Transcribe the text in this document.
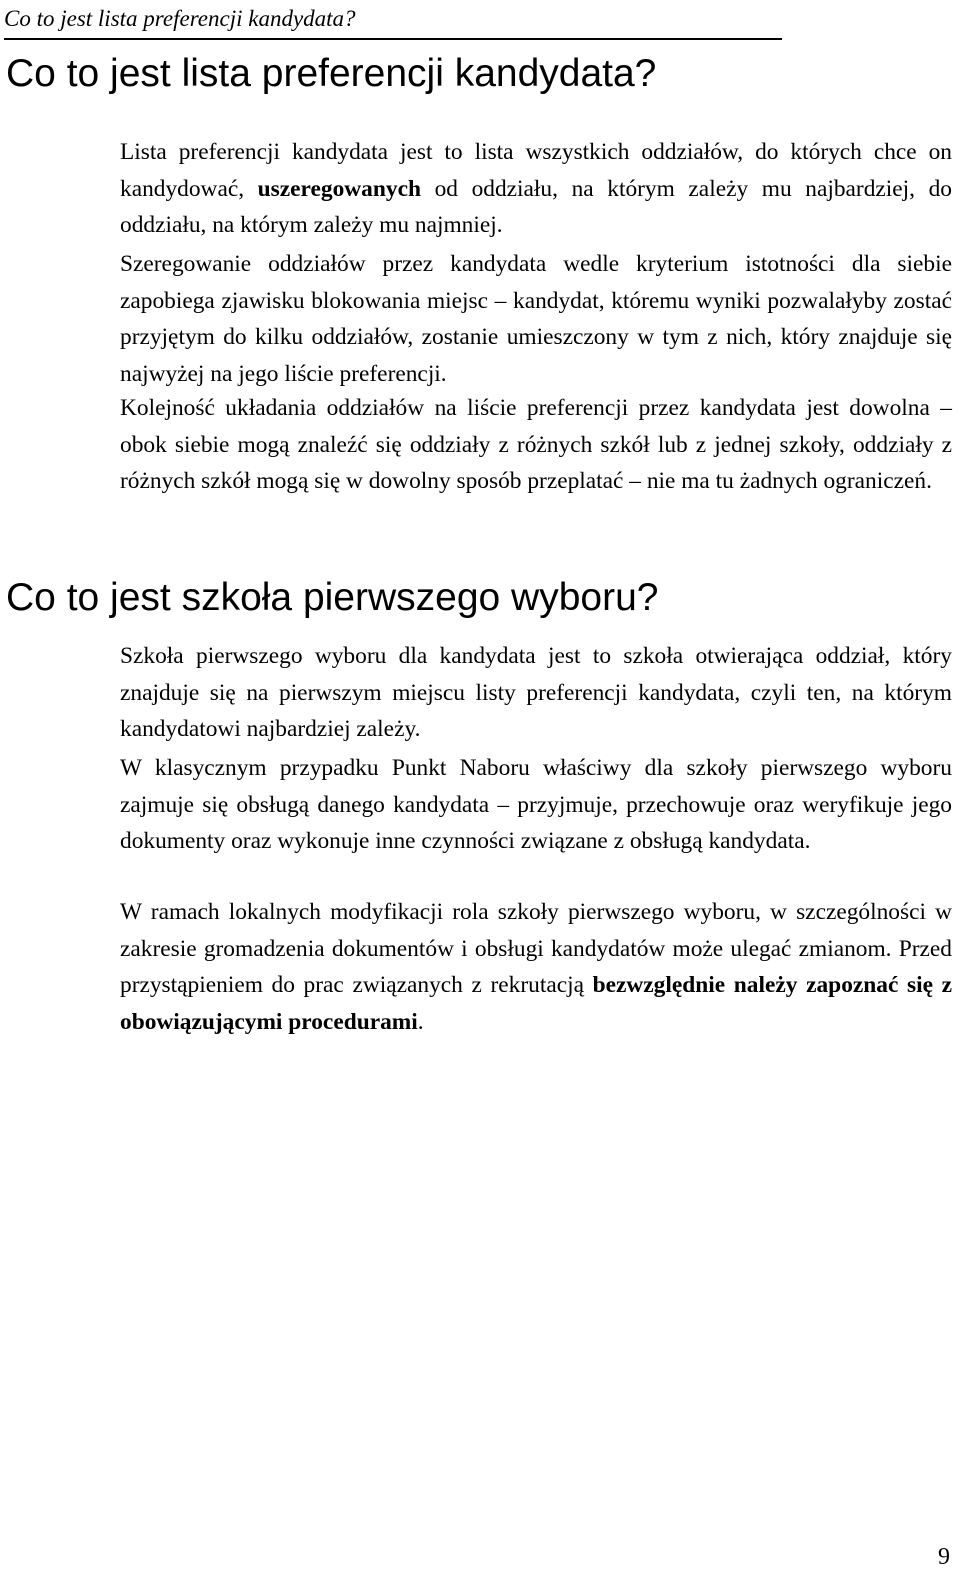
Co to jest lista preferencji kandydata?
Co to jest lista preferencji kandydata?

Lista preferencji kandydata jest to lista wszystkich oddziałów, do których chce on kandydować, uszeregowanych od oddziału, na którym zależy mu najbardziej, do oddziału, na którym zależy mu najmniej.

Szeregowanie oddziałów przez kandydata wedle kryterium istotności dla siebie zapobiega zjawisku blokowania miejsc – kandydat, któremu wyniki pozwalałyby zostać przyjętym do kilku oddziałów, zostanie umieszczony w tym z nich, który znajduje się najwyżej na jego liście preferencji.

Kolejność układania oddziałów na liście preferencji przez kandydata jest dowolna – obok siebie mogą znaleźć się oddziały z różnych szkół lub z jednej szkoły, oddziały z różnych szkół mogą się w dowolny sposób przeplatać – nie ma tu żadnych ograniczeń.

Co to jest szkoła pierwszego wyboru?

Szkoła pierwszego wyboru dla kandydata jest to szkoła otwierająca oddział, który znajduje się na pierwszym miejscu listy preferencji kandydata, czyli ten, na którym kandydatowi najbardziej zależy.

W klasycznym przypadku Punkt Naboru właściwy dla szkoły pierwszego wyboru zajmuje się obsługą danego kandydata – przyjmuje, przechowuje oraz weryfikuje jego dokumenty oraz wykonuje inne czynności związane z obsługą kandydata.

W ramach lokalnych modyfikacji rola szkoły pierwszego wyboru, w szczególności w zakresie gromadzenia dokumentów i obsługi kandydatów może ulegać zmianom. Przed przystąpieniem do prac związanych z rekrutacją bezwzględnie należy zapoznać się z obowiązującymi procedurami.

9
